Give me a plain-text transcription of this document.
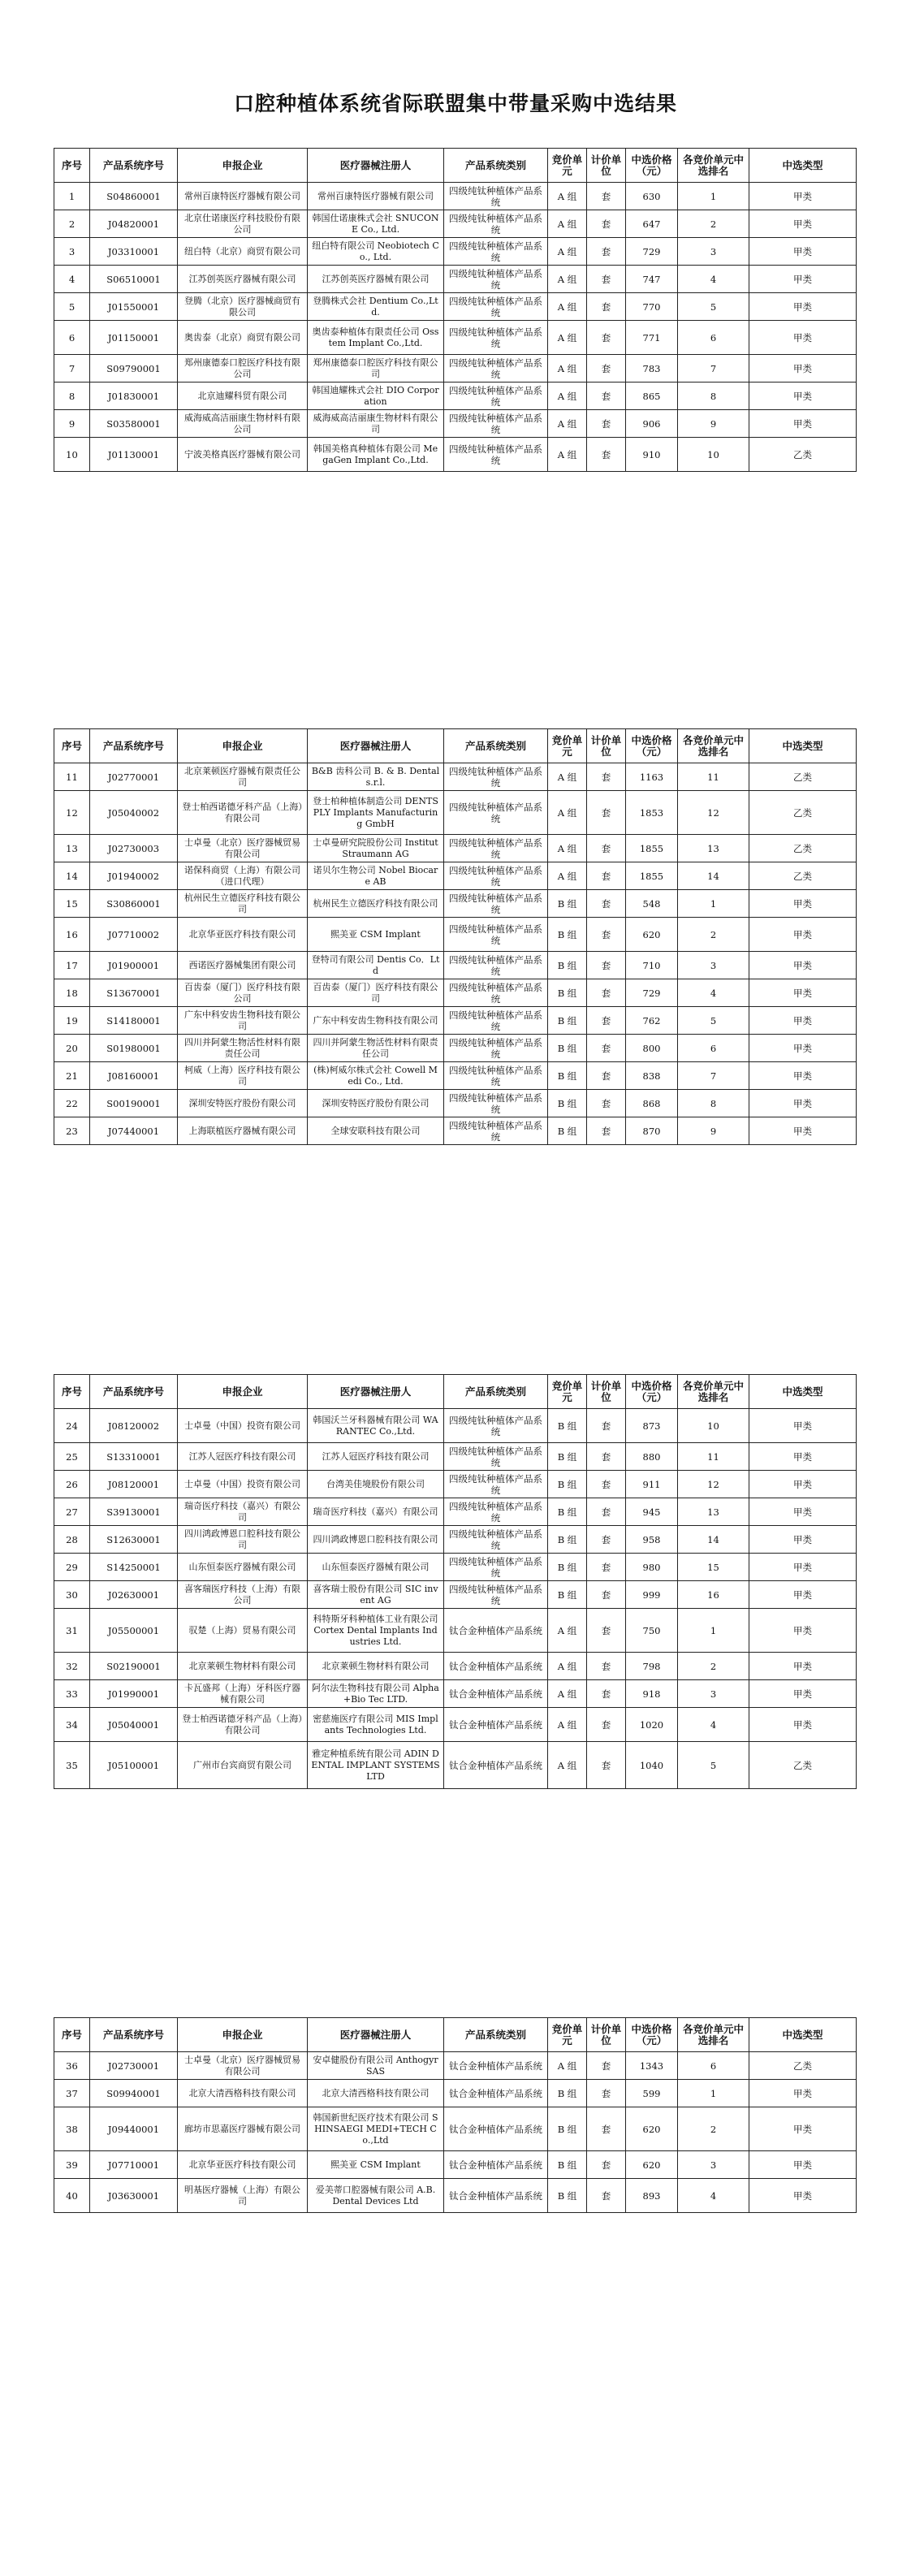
口腔种植体系统省际联盟集中带量采购中选结果
序号	产品系统序号	申报企业	医疗器械注册人	产品系统类别	竞价单元	计价单位	中选价格（元）	各竞价单元中选排名	中选类型
1	S04860001	常州百康特医疗器械有限公司	常州百康特医疗器械有限公司	四级纯钛种植体产品系统	A 组	套	630	1	甲类
2	J04820001	北京仕诺康医疗科技股份有限公司	韩国仕诺康株式会社 SNUCONE Co., Ltd.	四级纯钛种植体产品系统	A 组	套	647	2	甲类
3	J03310001	纽白特（北京）商贸有限公司	纽白特有限公司 Neobiotech Co., Ltd.	四级纯钛种植体产品系统	A 组	套	729	3	甲类
4	S06510001	江苏创英医疗器械有限公司	江苏创英医疗器械有限公司	四级纯钛种植体产品系统	A 组	套	747	4	甲类
5	J01550001	登腾（北京）医疗器械商贸有限公司	登腾株式会社 Dentium Co.,Ltd.	四级纯钛种植体产品系统	A 组	套	770	5	甲类
6	J01150001	奥齿泰（北京）商贸有限公司	奥齿泰种植体有限责任公司 Osstem Implant Co.,Ltd.	四级纯钛种植体产品系统	A 组	套	771	6	甲类
7	S09790001	郑州康德泰口腔医疗科技有限公司	郑州康德泰口腔医疗科技有限公司	四级纯钛种植体产品系统	A 组	套	783	7	甲类
8	J01830001	北京迪耀科贸有限公司	韩国迪耀株式会社 DIO Corporation	四级纯钛种植体产品系统	A 组	套	865	8	甲类
9	S03580001	威海威高洁丽康生物材料有限公司	威海威高洁丽康生物材料有限公司	四级纯钛种植体产品系统	A 组	套	906	9	甲类
10	J01130001	宁波美格真医疗器械有限公司	韩国美格真种植体有限公司 MegaGen Implant Co.,Ltd.	四级纯钛种植体产品系统	A 组	套	910	10	乙类
序号	产品系统序号	申报企业	医疗器械注册人	产品系统类别	竞价单元	计价单位	中选价格（元）	各竞价单元中选排名	中选类型
11	J02770001	北京莱顿医疗器械有限责任公司	B&B 齿科公司 B. & B. Dental s.r.l.	四级纯钛种植体产品系统	A 组	套	1163	11	乙类
12	J05040002	登士柏西诺德牙科产品（上海）有限公司	登士柏种植体制造公司 DENTSPLY Implants Manufacturing GmbH	四级纯钛种植体产品系统	A 组	套	1853	12	乙类
13	J02730003	士卓曼（北京）医疗器械贸易有限公司	士卓曼研究院股份公司 Institut Straumann AG	四级纯钛种植体产品系统	A 组	套	1855	13	乙类
14	J01940002	诺保科商贸（上海）有限公司（进口代理）	诺贝尔生物公司 Nobel Biocare AB	四级纯钛种植体产品系统	A 组	套	1855	14	乙类
15	S30860001	杭州民生立德医疗科技有限公司	杭州民生立德医疗科技有限公司	四级纯钛种植体产品系统	B 组	套	548	1	甲类
16	J07710002	北京华亚医疗科技有限公司	熙美亚 CSM Implant	四级纯钛种植体产品系统	B 组	套	620	2	甲类
17	J01900001	西诺医疗器械集团有限公司	登特司有限公司 Dentis Co．Ltd	四级纯钛种植体产品系统	B 组	套	710	3	甲类
18	S13670001	百齿泰（厦门）医疗科技有限公司	百齿泰（厦门）医疗科技有限公司	四级纯钛种植体产品系统	B 组	套	729	4	甲类
19	S14180001	广东中科安齿生物科技有限公司	广东中科安齿生物科技有限公司	四级纯钛种植体产品系统	B 组	套	762	5	甲类
20	S01980001	四川并阿蒙生物活性材料有限责任公司	四川并阿蒙生物活性材料有限责任公司	四级纯钛种植体产品系统	B 组	套	800	6	甲类
21	J08160001	柯威（上海）医疗科技有限公司	(株)柯威尔株式会社 Cowell Medi Co., Ltd.	四级纯钛种植体产品系统	B 组	套	838	7	甲类
22	S00190001	深圳安特医疗股份有限公司	深圳安特医疗股份有限公司	四级纯钛种植体产品系统	B 组	套	868	8	甲类
23	J07440001	上海联植医疗器械有限公司	全球安联科技有限公司	四级纯钛种植体产品系统	B 组	套	870	9	甲类
序号	产品系统序号	申报企业	医疗器械注册人	产品系统类别	竞价单元	计价单位	中选价格（元）	各竞价单元中选排名	中选类型
24	J08120002	士卓曼（中国）投资有限公司	韩国沃兰牙科器械有限公司 WARANTEC Co.,Ltd.	四级纯钛种植体产品系统	B 组	套	873	10	甲类
25	S13310001	江苏人冠医疗科技有限公司	江苏人冠医疗科技有限公司	四级纯钛种植体产品系统	B 组	套	880	11	甲类
26	J08120001	士卓曼（中国）投资有限公司	台湾美佳境股份有限公司	四级纯钛种植体产品系统	B 组	套	911	12	甲类
27	S39130001	瑞奇医疗科技（嘉兴）有限公司	瑞奇医疗科技（嘉兴）有限公司	四级纯钛种植体产品系统	B 组	套	945	13	甲类
28	S12630001	四川鸿政博恩口腔科技有限公司	四川鸿政博恩口腔科技有限公司	四级纯钛种植体产品系统	B 组	套	958	14	甲类
29	S14250001	山东恒泰医疗器械有限公司	山东恒泰医疗器械有限公司	四级纯钛种植体产品系统	B 组	套	980	15	甲类
30	J02630001	喜客瑞医疗科技（上海）有限公司	喜客瑞士股份有限公司 SIC invent AG	四级纯钛种植体产品系统	B 组	套	999	16	甲类
31	J05500001	驭楚（上海）贸易有限公司	科特斯牙科种植体工业有限公司 Cortex Dental Implants Industries Ltd.	钛合金种植体产品系统	A 组	套	750	1	甲类
32	S02190001	北京莱顿生物材料有限公司	北京莱顿生物材料有限公司	钛合金种植体产品系统	A 组	套	798	2	甲类
33	J01990001	卡瓦盛邦（上海）牙科医疗器械有限公司	阿尔法生物科技有限公司 Alpha+Bio Tec LTD.	钛合金种植体产品系统	A 组	套	918	3	甲类
34	J05040001	登士柏西诺德牙科产品（上海）有限公司	密慈施医疗有限公司 MIS Implants Technologies Ltd.	钛合金种植体产品系统	A 组	套	1020	4	甲类
35	J05100001	广州市台宾商贸有限公司	雅定种植系统有限公司 ADIN DENTAL IMPLANT SYSTEMS LTD	钛合金种植体产品系统	A 组	套	1040	5	乙类
序号	产品系统序号	申报企业	医疗器械注册人	产品系统类别	竞价单元	计价单位	中选价格（元）	各竞价单元中选排名	中选类型
36	J02730001	士卓曼（北京）医疗器械贸易有限公司	安卓健股份有限公司 Anthogyr SAS	钛合金种植体产品系统	A 组	套	1343	6	乙类
37	S09940001	北京大清西格科技有限公司	北京大清西格科技有限公司	钛合金种植体产品系统	B 组	套	599	1	甲类
38	J09440001	廊坊市思嘉医疗器械有限公司	韩国新世纪医疗技术有限公司 SHINSAEGI MEDI+TECH Co.,Ltd	钛合金种植体产品系统	B 组	套	620	2	甲类
39	J07710001	北京华亚医疗科技有限公司	熙美亚 CSM Implant	钛合金种植体产品系统	B 组	套	620	3	甲类
40	J03630001	明基医疗器械（上海）有限公司	爱美蒂口腔器械有限公司 A.B. Dental Devices Ltd	钛合金种植体产品系统	B 组	套	893	4	甲类
